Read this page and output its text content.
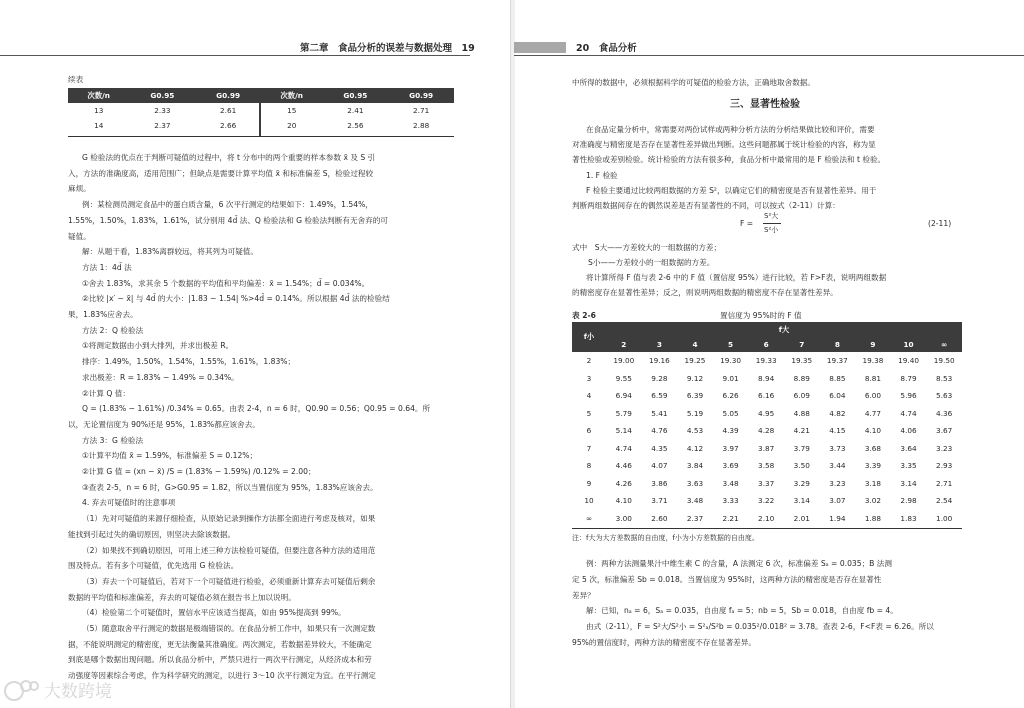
第二章　食品分析的误差与数据处理　19
续表
次数/n	G0.95	G0.99	次数/n	G0.95	G0.99
13	2.33	2.61	15	2.41	2.71
14	2.37	2.66	20	2.56	2.88
G 检验法的优点在于判断可疑值的过程中，将 t 分布中的两个重要的样本参数 x̄ 及 S 引
入，方法的准确度高，适用范围广；但缺点是需要计算平均值 x̄ 和标准偏差 S，检验过程较
麻烦。
例：某检测员测定食品中的蛋白质含量，6 次平行测定的结果如下：1.49%，1.54%，
1.55%，1.50%，1.83%，1.61%，试分别用 4d̄ 法、Q 检验法和 G 检验法判断有无舍弃的可
疑值。
解：从题干看，1.83%离群较远，将其列为可疑值。
方法 1：4d̄ 法
①舍去 1.83%，求其余 5 个数据的平均值和平均偏差：x̄ = 1.54%；d̄ = 0.034%。
②比较 |x′ − x̄| 与 4d̄ 的大小：|1.83 − 1.54| %>4d̄ = 0.14%。所以根据 4d̄ 法的检验结
果，1.83%应舍去。
方法 2：Q 检验法
①将测定数据由小到大排列，并求出极差 R。
排序：1.49%，1.50%，1.54%，1.55%，1.61%，1.83%；
求出极差：R = 1.83% − 1.49% = 0.34%。
②计算 Q 值：
Q = (1.83% − 1.61%) /0.34% = 0.65。由表 2-4，n = 6 时，Q0.90 = 0.56；Q0.95 = 0.64。所
以，无论置信度为 90%还是 95%，1.83%都应该舍去。
方法 3：G 检验法
①计算平均值 x̄ = 1.59%，标准偏差 S = 0.12%；
②计算 G 值 = (xn − x̄) /S = (1.83% − 1.59%) /0.12% = 2.00；
③查表 2-5，n = 6 时，G>G0.95 = 1.82，所以当置信度为 95%，1.83%应该舍去。
4. 弃去可疑值时的注意事项
（1）先对可疑值的来源仔细检查，从原始记录到操作方法都全面进行考虑及核对，如果
能找到引起过失的确切原因，则坚决去除该数据。
（2）如果找不到确切原因，可用上述三种方法检验可疑值，但要注意各种方法的适用范
围及特点。若有多个可疑值，优先选用 G 检验法。
（3）弃去一个可疑值后，若对下一个可疑值进行检验，必须重新计算弃去可疑值后剩余
数据的平均值和标准偏差，弃去的可疑值必须在报告书上加以说明。
（4）检验第二个可疑值时，置信水平应该适当提高，如由 95%提高到 99%。
（5）随意取舍平行测定的数据是极端错误的。在食品分析工作中，如果只有一次测定数
据，不能说明测定的精密度，更无法衡量其准确度。两次测定，若数据差异较大，不能确定
到底是哪个数据出现问题。所以食品分析中，严禁只进行一两次平行测定，从经济成本和劳
动强度等因素综合考虑，作为科学研究的测定，以进行 3～10 次平行测定为宜。在平行测定
大数跨境
20　食品分析
中所得的数据中，必须根据科学的可疑值的检验方法，正确地取舍数据。
三、显著性检验
在食品定量分析中，常需要对两份试样或两种分析方法的分析结果做比较和评价，需要
对准确度与精密度是否存在显著性差异做出判断。这些问题都属于统计检验的内容，称为显
著性检验或差别检验。统计检验的方法有很多种，食品分析中最常用的是 F 检验法和 t 检验。
1. F 检验
F 检验主要通过比较两组数据的方差 S²，以确定它们的精密度是否有显著性差异。用于
判断两组数据间存在的偶然误差是否有显著性的不同，可以按式（2-11）计算：
F =
S²大
S²小
(2-11)
式中　S大——方差较大的一组数据的方差；
S小——方差较小的一组数据的方差。
将计算所得 F 值与表 2-6 中的 F 值（置信度 95%）进行比较，若 F>F表，说明两组数据
的精密度存在显著性差异；反之，则说明两组数据的精密度不存在显著性差异。
表 2-6	置信度为 95%时的 F 值
f小	f大									
	2	3	4	5	6	7	8	9	10	∞
2	19.00	19.16	19.25	19.30	19.33	19.35	19.37	19.38	19.40	19.50
3	9.55	9.28	9.12	9.01	8.94	8.89	8.85	8.81	8.79	8.53
4	6.94	6.59	6.39	6.26	6.16	6.09	6.04	6.00	5.96	5.63
5	5.79	5.41	5.19	5.05	4.95	4.88	4.82	4.77	4.74	4.36
6	5.14	4.76	4.53	4.39	4.28	4.21	4.15	4.10	4.06	3.67
7	4.74	4.35	4.12	3.97	3.87	3.79	3.73	3.68	3.64	3.23
8	4.46	4.07	3.84	3.69	3.58	3.50	3.44	3.39	3.35	2.93
9	4.26	3.86	3.63	3.48	3.37	3.29	3.23	3.18	3.14	2.71
10	4.10	3.71	3.48	3.33	3.22	3.14	3.07	3.02	2.98	2.54
∞	3.00	2.60	2.37	2.21	2.10	2.01	1.94	1.88	1.83	1.00
注：f大为大方差数据的自由度，f小为小方差数据的自由度。
例：两种方法测量果汁中维生素 C 的含量，A 法测定 6 次，标准偏差 Sₐ = 0.035；B 法测
定 5 次，标准偏差 Sb = 0.018。当置信度为 95%时，这两种方法的精密度是否存在显著性
差异？
解：已知，nₐ = 6，Sₐ = 0.035，自由度 fₐ = 5；nb = 5，Sb = 0.018，自由度 fb = 4。
由式（2-11），F = S²大/S²小 = S²ₐ/S²b = 0.035²/0.018² = 3.78。查表 2-6，F<F表 = 6.26。所以
95%的置信度时，两种方法的精密度不存在显著差异。
